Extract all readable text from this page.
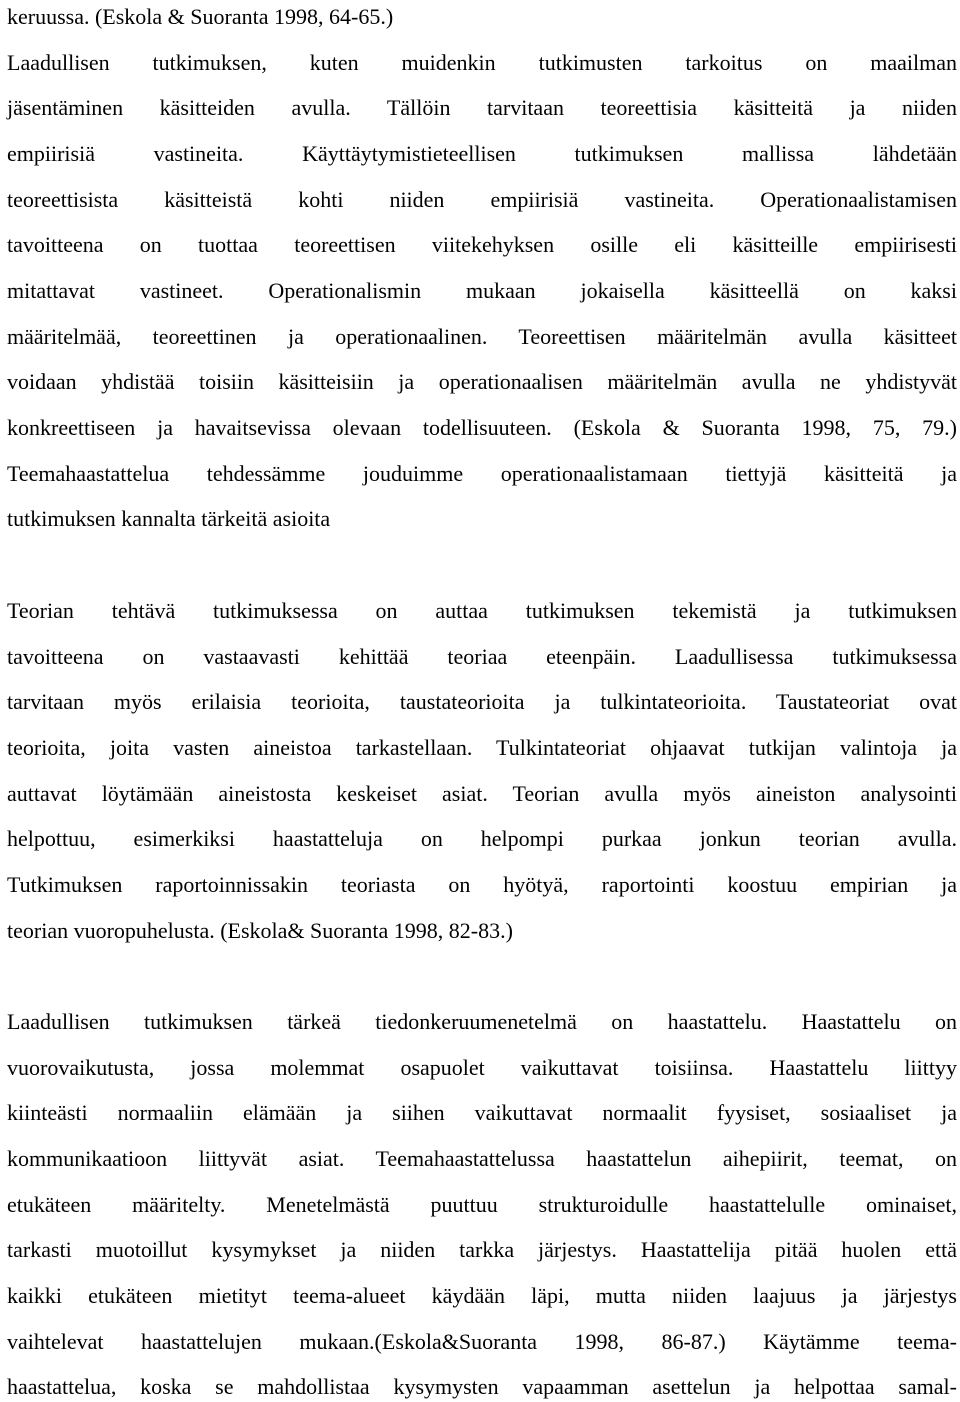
keruussa. (Eskola & Suoranta 1998, 64-65.)
Laadullisen tutkimuksen, kuten muidenkin tutkimusten tarkoitus on maailman
jäsentäminen käsitteiden avulla. Tällöin tarvitaan teoreettisia käsitteitä ja niiden
empiirisiä vastineita. Käyttäytymistieteellisen tutkimuksen mallissa lähdetään
teoreettisista käsitteistä kohti niiden empiirisiä vastineita. Operationaalistamisen
tavoitteena on tuottaa teoreettisen viitekehyksen osille eli käsitteille empiirisesti
mitattavat vastineet. Operationalismin mukaan jokaisella käsitteellä on kaksi
määritelmää, teoreettinen ja operationaalinen. Teoreettisen määritelmän avulla käsitteet
voidaan yhdistää toisiin käsitteisiin ja operationaalisen määritelmän avulla ne yhdistyvät
konkreettiseen ja havaitsevissa olevaan todellisuuteen. (Eskola & Suoranta 1998, 75, 79.)
Teemahaastattelua tehdessämme jouduimme operationaalistamaan tiettyjä käsitteitä ja
tutkimuksen kannalta tärkeitä asioita
Teorian tehtävä tutkimuksessa on auttaa tutkimuksen tekemistä ja tutkimuksen
tavoitteena on vastaavasti kehittää teoriaa eteenpäin. Laadullisessa tutkimuksessa
tarvitaan myös erilaisia teorioita, taustateorioita ja tulkintateorioita. Taustateoriat ovat
teorioita, joita vasten aineistoa tarkastellaan. Tulkintateoriat ohjaavat tutkijan valintoja ja
auttavat löytämään aineistosta keskeiset asiat. Teorian avulla myös aineiston analysointi
helpottuu, esimerkiksi haastatteluja on helpompi purkaa jonkun teorian avulla.
Tutkimuksen raportoinnissakin teoriasta on hyötyä, raportointi koostuu empirian ja
teorian vuoropuhelusta. (Eskola& Suoranta 1998, 82-83.)
Laadullisen tutkimuksen tärkeä tiedonkeruumenetelmä on haastattelu. Haastattelu on
vuorovaikutusta, jossa molemmat osapuolet vaikuttavat toisiinsa. Haastattelu liittyy
kiinteästi normaaliin elämään ja siihen vaikuttavat normaalit fyysiset, sosiaaliset ja
kommunikaatioon liittyvät asiat. Teemahaastattelussa haastattelun aihepiirit, teemat, on
etukäteen määritelty. Menetelmästä puuttuu strukturoidulle haastattelulle ominaiset,
tarkasti muotoillut kysymykset ja niiden tarkka järjestys. Haastattelija pitää huolen että
kaikki etukäteen mietityt teema-alueet käydään läpi, mutta niiden laajuus ja järjestys
vaihtelevat haastattelujen mukaan.(Eskola&Suoranta 1998, 86-87.) Käytämme teema-
haastattelua, koska se mahdollistaa kysymysten vapaamman asettelun ja helpottaa samal-
